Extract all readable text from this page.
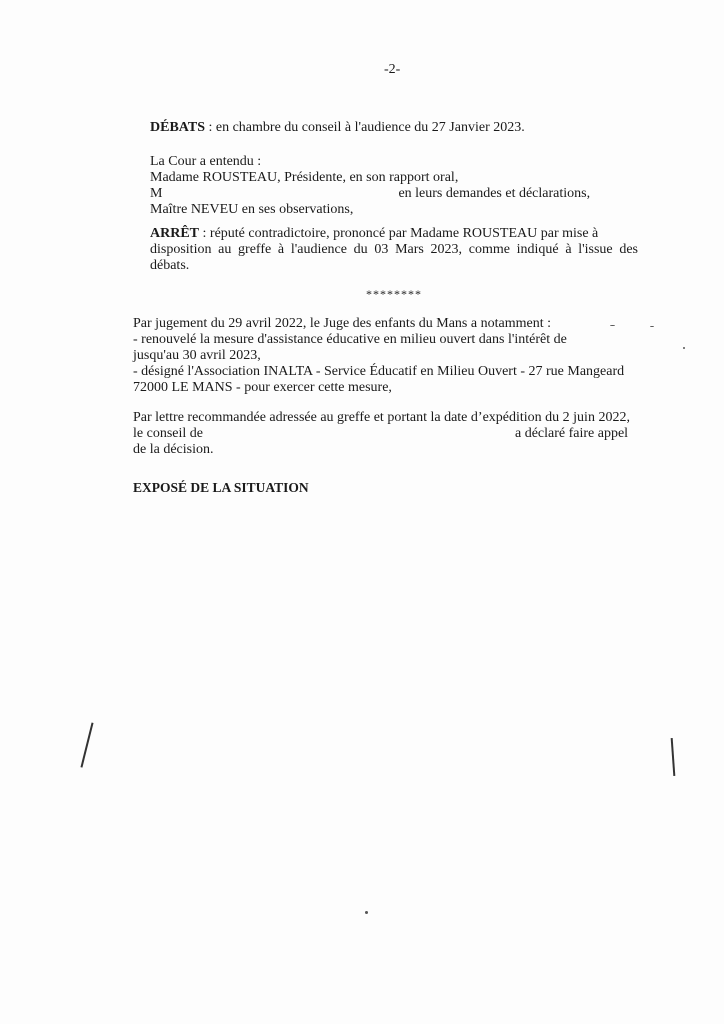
-2-
DÉBATS : en chambre du conseil à l'audience du 27 Janvier 2023.
La Cour a entendu :
Madame ROUSTEAU, Présidente, en son rapport oral,
M	en leurs demandes et déclarations,
Maître NEVEU en ses observations,
ARRÊT : réputé contradictoire, prononcé par Madame ROUSTEAU par mise à
disposition au greffe à l'audience du 03 Mars 2023, comme indiqué à l'issue des
débats.
********
Par jugement du 29 avril 2022, le Juge des enfants du Mans a notamment :
- renouvelé la mesure d'assistance éducative en milieu ouvert dans l'intérêt de
jusqu'au 30 avril 2023,
- désigné l'Association INALTA - Service Éducatif en Milieu Ouvert - 27 rue Mangeard
72000 LE MANS - pour exercer cette mesure,
Par lettre recommandée adressée au greffe et portant la date d’expédition du 2 juin 2022,
le conseil de	a déclaré faire appel
de la décision.
EXPOSÉ DE LA SITUATION
